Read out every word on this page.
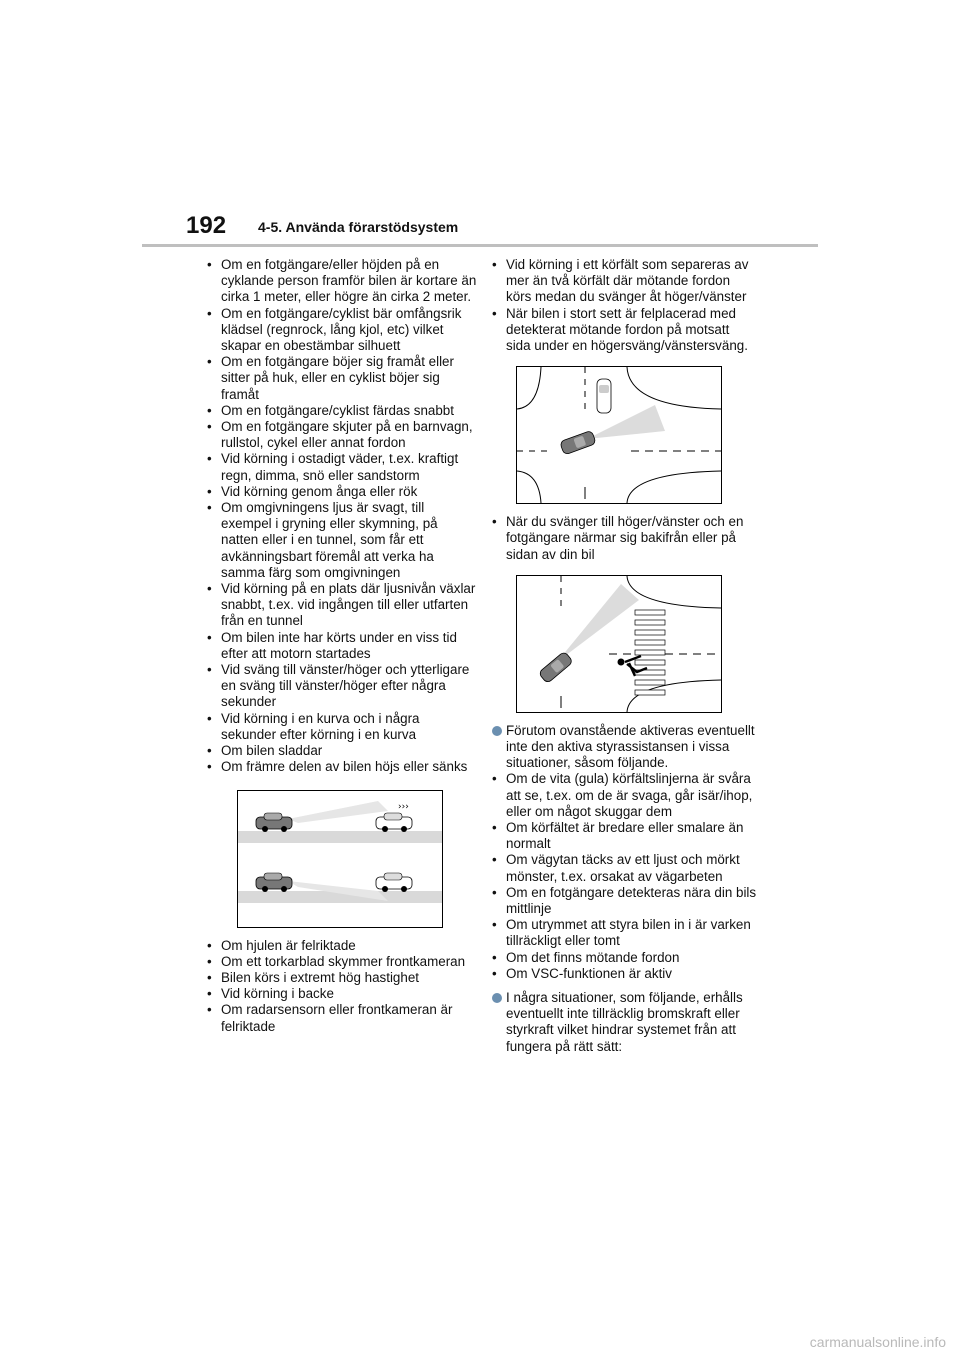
192 4-5. Använda förarstödsystem
• Om en fotgängare/eller höjden på en cyklande person framför bilen är kortare än cirka 1 meter, eller högre än cirka 2 meter.
• Om en fotgängare/cyklist bär omfångsrik klädsel (regnrock, lång kjol, etc) vilket skapar en obestämbar silhuett
• Om en fotgängare böjer sig framåt eller sitter på huk, eller en cyklist böjer sig framåt
• Om en fotgängare/cyklist färdas snabbt
• Om en fotgängare skjuter på en barnvagn, rullstol, cykel eller annat fordon
• Vid körning i ostadigt väder, t.ex. kraftigt regn, dimma, snö eller sandstorm
• Vid körning genom ånga eller rök
• Om omgivningens ljus är svagt, till exempel i gryning eller skymning, på natten eller i en tunnel, som får ett avkänningsbart föremål att verka ha samma färg som omgivningen
• Vid körning på en plats där ljusnivån växlar snabbt, t.ex. vid ingången till eller utfarten från en tunnel
• Om bilen inte har körts under en viss tid efter att motorn startades
• Vid sväng till vänster/höger och ytterligare en sväng till vänster/höger efter några sekunder
• Vid körning i en kurva och i några sekunder efter körning i en kurva
• Om bilen sladdar
• Om främre delen av bilen höjs eller sänks
›››
• Om hjulen är felriktade
• Om ett torkarblad skymmer frontkameran
• Bilen körs i extremt hög hastighet
• Vid körning i backe
• Om radarsensorn eller frontkameran är felriktade
• Vid körning i ett körfält som separeras av mer än två körfält där mötande fordon körs medan du svänger åt höger/vänster
• När bilen i stort sett är felplacerad med detekterat mötande fordon på motsatt sida under en högersväng/vänstersväng.
• När du svänger till höger/vänster och en fotgängare närmar sig bakifrån eller på sidan av din bil
Förutom ovanstående aktiveras eventuellt inte den aktiva styrassistansen i vissa situationer, såsom följande.
• Om de vita (gula) körfältslinjerna är svåra att se, t.ex. om de är svaga, går isär/ihop, eller om något skuggar dem
• Om körfältet är bredare eller smalare än normalt
• Om vägytan täcks av ett ljust och mörkt mönster, t.ex. orsakat av vägarbeten
• Om en fotgängare detekteras nära din bils mittlinje
• Om utrymmet att styra bilen in i är varken tillräckligt eller tomt
• Om det finns mötande fordon
• Om VSC-funktionen är aktiv
I några situationer, som följande, erhålls eventuellt inte tillräcklig bromskraft eller styrkraft vilket hindrar systemet från att fungera på rätt sätt:
carmanualsonline.info
